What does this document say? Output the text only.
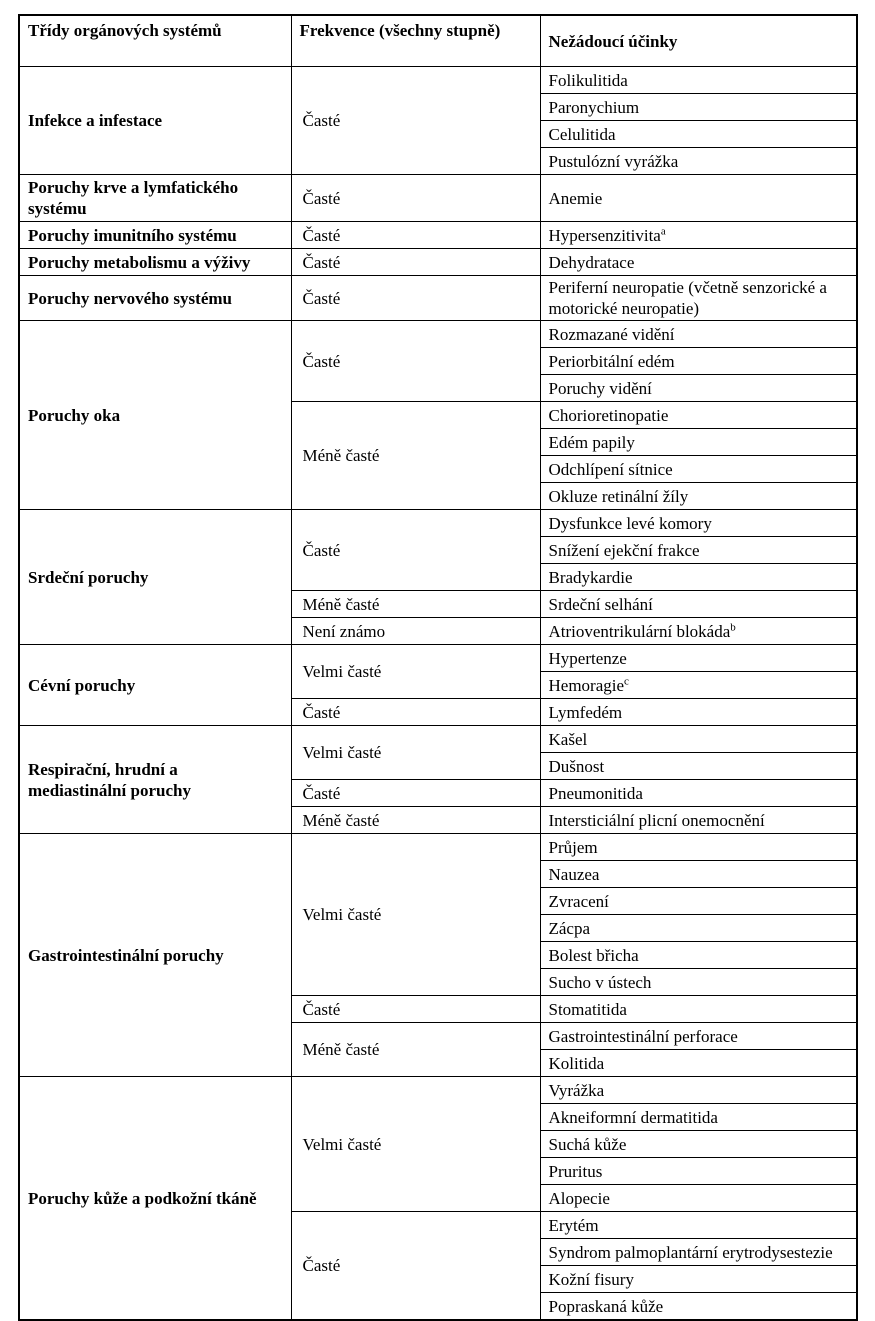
Třídy orgánových systémů	Frekvence (všechny stupně)	Nežádoucí účinky
Infekce a infestace	Časté	Folikulitida
		Paronychium
		Celulitida
		Pustulózní vyrážka
Poruchy krve a lymfatického systému	Časté	Anemie
Poruchy imunitního systému	Časté	Hypersenzitivita$^a$
Poruchy metabolismu a výživy	Časté	Dehydratace
Poruchy nervového systému	Časté	Periferní neuropatie (včetně senzorické a motorické neuropatie)
Poruchy oka	Časté	Rozmazané vidění
		Periorbitální edém
		Poruchy vidění
	Méně časté	Chorioretinopatie
		Edém papily
		Odchlípení sítnice
		Okluze retinální žíly
Srdeční poruchy	Časté	Dysfunkce levé komory
		Snížení ejekční frakce
		Bradykardie
	Méně časté	Srdeční selhání
	Není známo	Atrioventrikulární blokáda$^b$
Cévní poruchy	Velmi časté	Hypertenze
		Hemoragie$^c$
	Časté	Lymfedém
Respirační, hrudní a mediastinální poruchy	Velmi časté	Kašel
		Dušnost
	Časté	Pneumonitida
	Méně časté	Intersticiální plicní onemocnění
Gastrointestinální poruchy	Velmi časté	Průjem
		Nauzea
		Zvracení
		Zácpa
		Bolest břicha
		Sucho v ústech
	Časté	Stomatitida
	Méně časté	Gastrointestinální perforace
		Kolitida
Poruchy kůže a podkožní tkáně	Velmi časté	Vyrážka
		Akneiformní dermatitida
		Suchá kůže
		Pruritus
		Alopecie
	Časté	Erytém
		Syndrom palmoplantární erytrodysestezie
		Kožní fisury
		Popraskaná kůže
